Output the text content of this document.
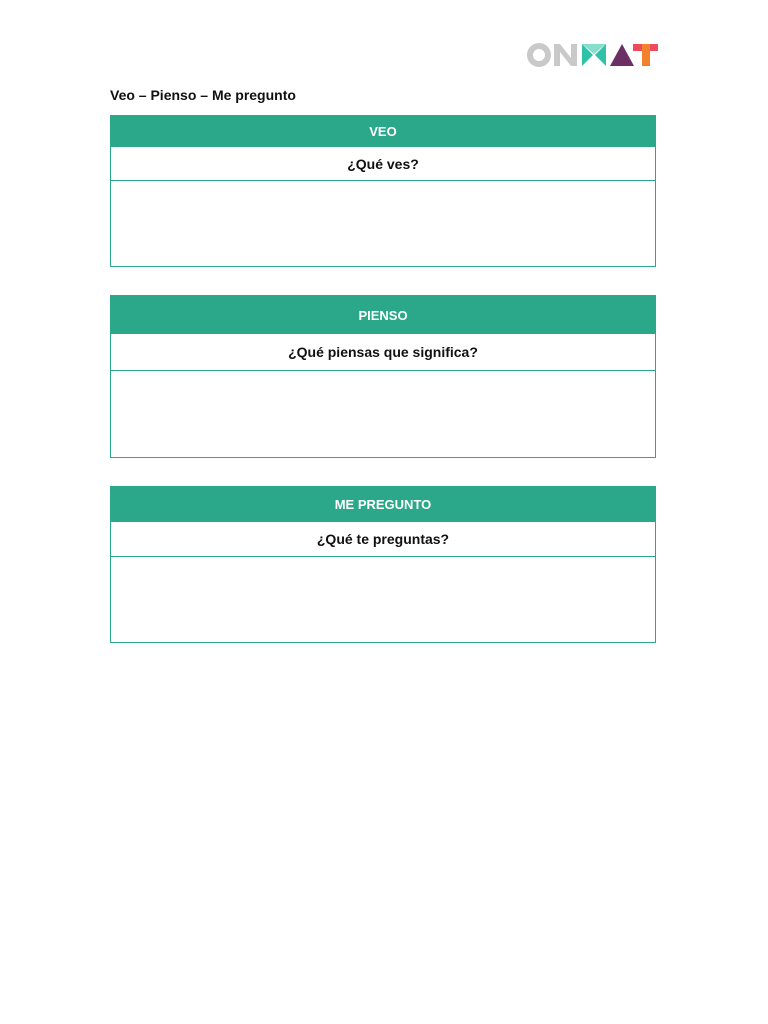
Veo – Pienso – Me pregunto
VEO
¿Qué ves?
PIENSO
¿Qué piensas que significa?
ME PREGUNTO
¿Qué te preguntas?
